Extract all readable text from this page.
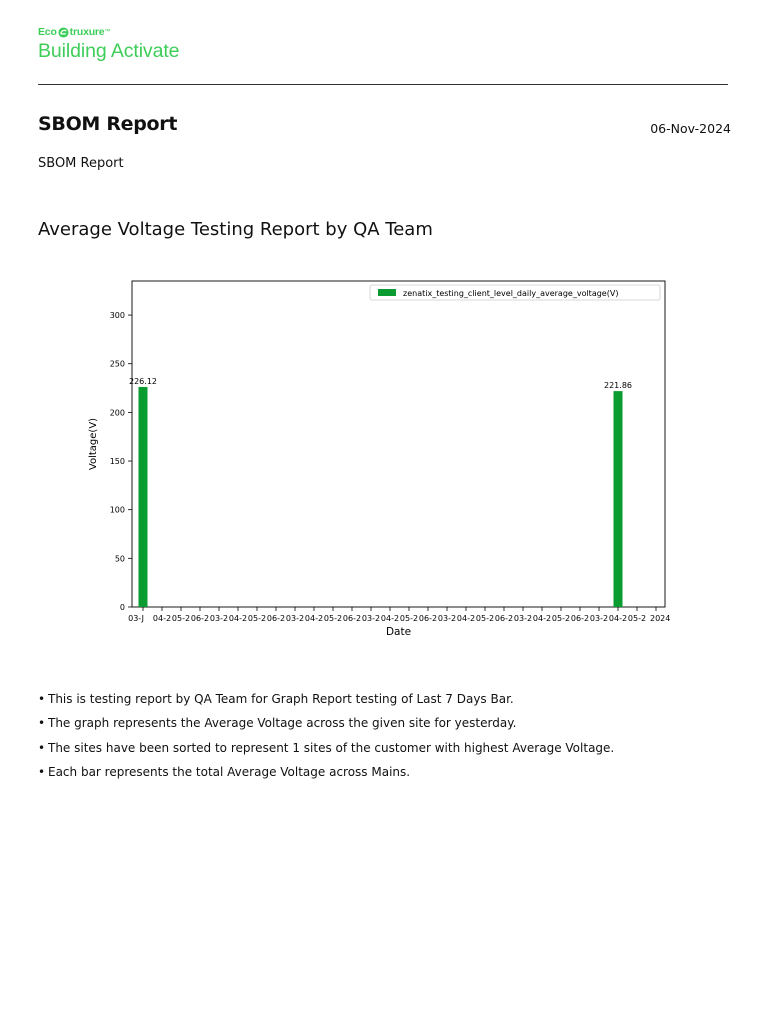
Eco truxure ™
Building Activate
SBOM Report	06-Nov-2024
SBOM Report
Average Voltage Testing Report by QA Team
0
50
100
150
200
250
300
Voltage(V)
03-J 04-2 05-2 06-2 03-2 04-2 05-2 06-2 03-2 04-2 05-2 06-2 03-2 04-2 05-2 06-2 03-2 04-2 05-2 06-2 03-2 04-2 05-2 06-2 03-2 04-2 05-2 2024
Date
226.12	221.86
zenatix_testing_client_level_daily_average_voltage(V)
• This is testing report by QA Team for Graph Report testing of Last 7 Days Bar.
• The graph represents the Average Voltage across the given site for yesterday.
• The sites have been sorted to represent 1 sites of the customer with highest Average Voltage.
• Each bar represents the total Average Voltage across Mains.
